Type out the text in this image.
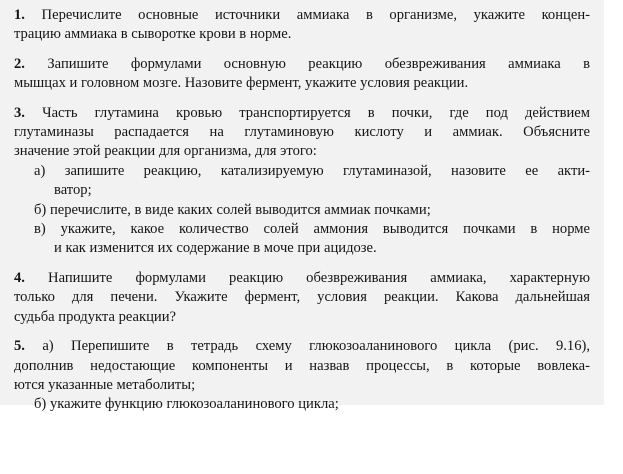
1. Перечислите основные источники аммиака в организме, укажите концен-
трацию аммиака в сыворотке крови в норме.
2. Запишите формулами основную реакцию обезвреживания аммиака в
мышцах и головном мозге. Назовите фермент, укажите условия реакции.
3. Часть глутамина кровью транспортируется в почки, где под действием
глутаминазы распадается на глутаминовую кислоту и аммиак. Объясните
значение этой реакции для организма, для этого:
а) запишите реакцию, катализируемую глутаминазой, назовите ее акти-
ватор;
б) перечислите, в виде каких солей выводится аммиак почками;
в) укажите, какое количество солей аммония выводится почками в норме
и как изменится их содержание в моче при ацидозе.
4. Напишите формулами реакцию обезвреживания аммиака, характерную
только для печени. Укажите фермент, условия реакции. Какова дальнейшая
судьба продукта реакции?
5. а) Перепишите в тетрадь схему глюкозоаланинового цикла (рис. 9.16),
дополнив недостающие компоненты и назвав процессы, в которые вовлека-
ются указанные метаболиты;
б) укажите функцию глюкозоаланинового цикла;
